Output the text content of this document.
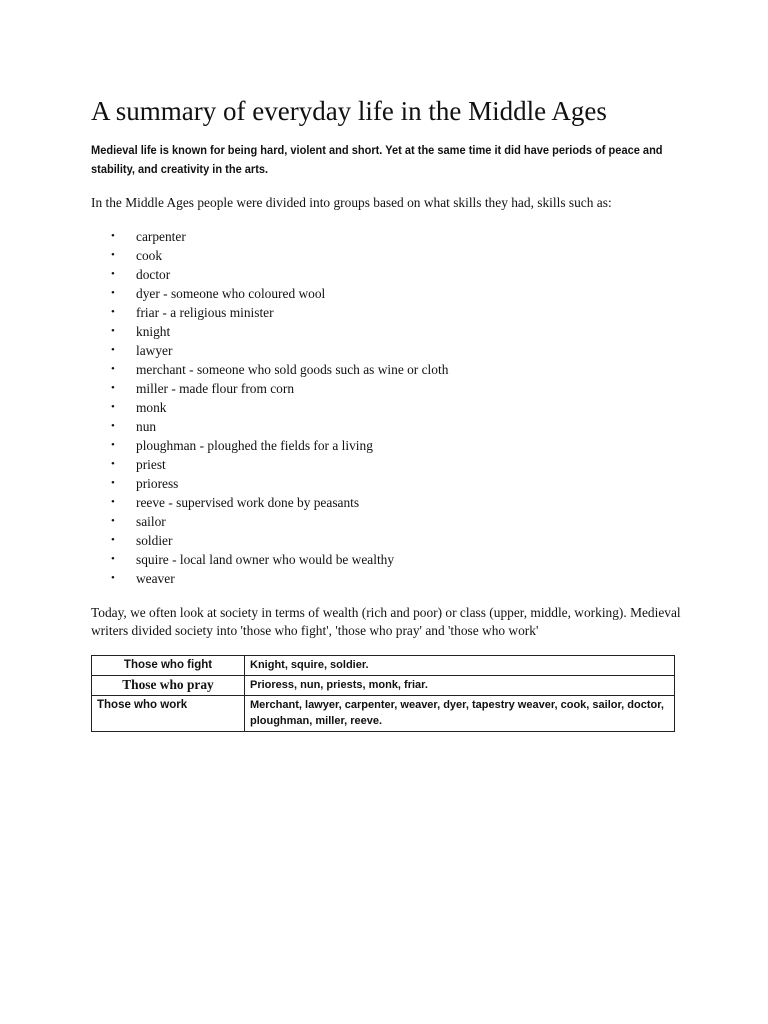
A summary of everyday life in the Middle Ages

Medieval life is known for being hard, violent and short. Yet at the same time it did have periods of peace and stability, and creativity in the arts.

In the Middle Ages people were divided into groups based on what skills they had, skills such as:

• carpenter
• cook
• doctor
• dyer - someone who coloured wool
• friar - a religious minister
• knight
• lawyer
• merchant - someone who sold goods such as wine or cloth
• miller - made flour from corn
• monk
• nun
• ploughman - ploughed the fields for a living
• priest
• prioress
• reeve - supervised work done by peasants
• sailor
• soldier
• squire - local land owner who would be wealthy
• weaver

Today, we often look at society in terms of wealth (rich and poor) or class (upper, middle, working). Medieval writers divided society into 'those who fight', 'those who pray' and 'those who work'

Those who fight	Knight, squire, soldier.
Those who pray	Prioress, nun, priests, monk, friar.
Those who work	Merchant, lawyer, carpenter, weaver, dyer, tapestry weaver, cook, sailor, doctor, ploughman, miller, reeve.
